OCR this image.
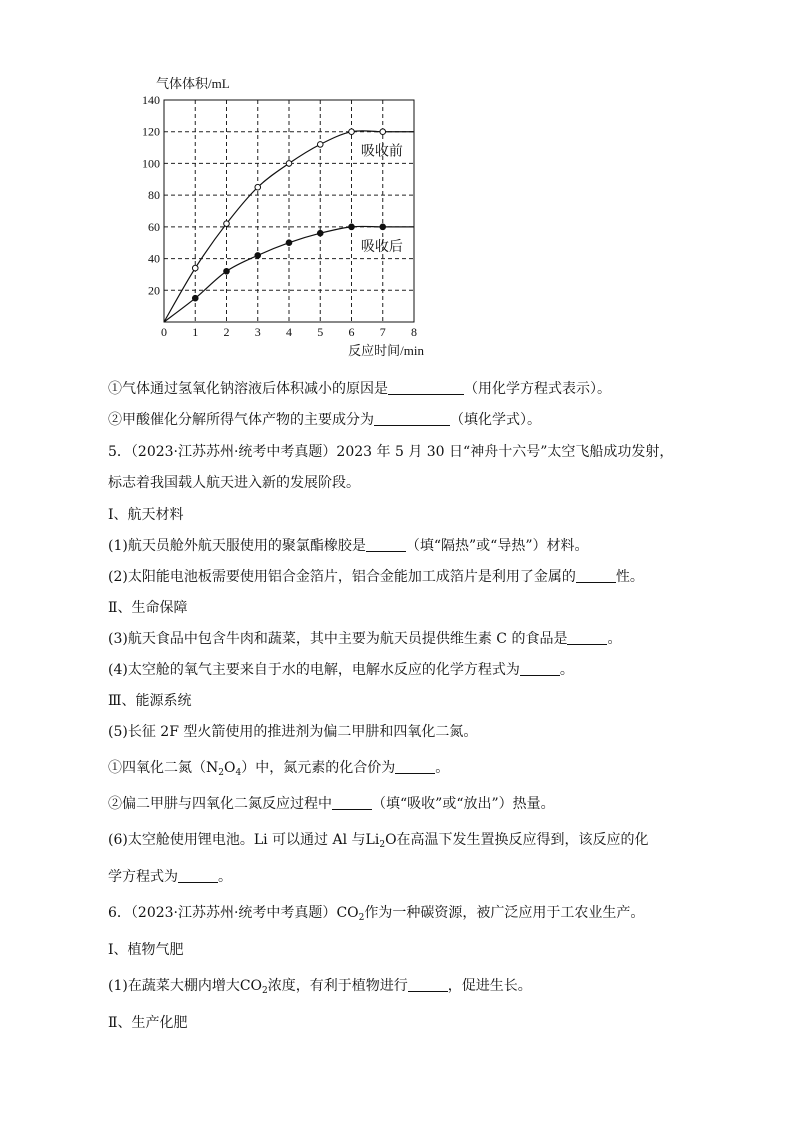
0 1 2 3 4 5 6 7 8
20
40
60
80
100
120
140
气体体积/mL
反应时间/min
吸收前
吸收后
①气体通过氢氧化钠溶液后体积减小的原因是	（用化学方程式表示）。
②甲酸催化分解所得气体产物的主要成分为	（填化学式）。
5．（2023·江苏苏州·统考中考真题）2023 年 5 月 30 日“神舟十六号”太空飞船成功发射，
标志着我国载人航天进入新的发展阶段。
Ⅰ、航天材料
(1)航天员舱外航天服使用的聚氯酯橡胶是	（填“隔热”或“导热”）材料。
(2)太阳能电池板需要使用铝合金箔片，铝合金能加工成箔片是利用了金属的	性。
Ⅱ、生命保障
(3)航天食品中包含牛肉和蔬菜，其中主要为航天员提供维生素 C 的食品是	。
(4)太空舱的氧气主要来自于水的电解，电解水反应的化学方程式为	。
Ⅲ、能源系统
(5)长征 2F 型火箭使用的推进剂为偏二甲肼和四氧化二氮。
①四氧化二氮$(N_2O_4)$中，氮元素的化合价为	。
②偏二甲肼与四氧化二氮反应过程中	（填“吸收”或“放出”）热量。
(6)太空舱使用锂电池。Li 可以通过 Al 与$Li_2O$在高温下发生置换反应得到，该反应的化
学方程式为	。
6．（2023·江苏苏州·统考中考真题）$CO_2$作为一种碳资源，被广泛应用于工农业生产。
Ⅰ、植物气肥
(1)在蔬菜大棚内增大$CO_2$浓度，有利于植物进行	，促进生长。
Ⅱ、生产化肥
